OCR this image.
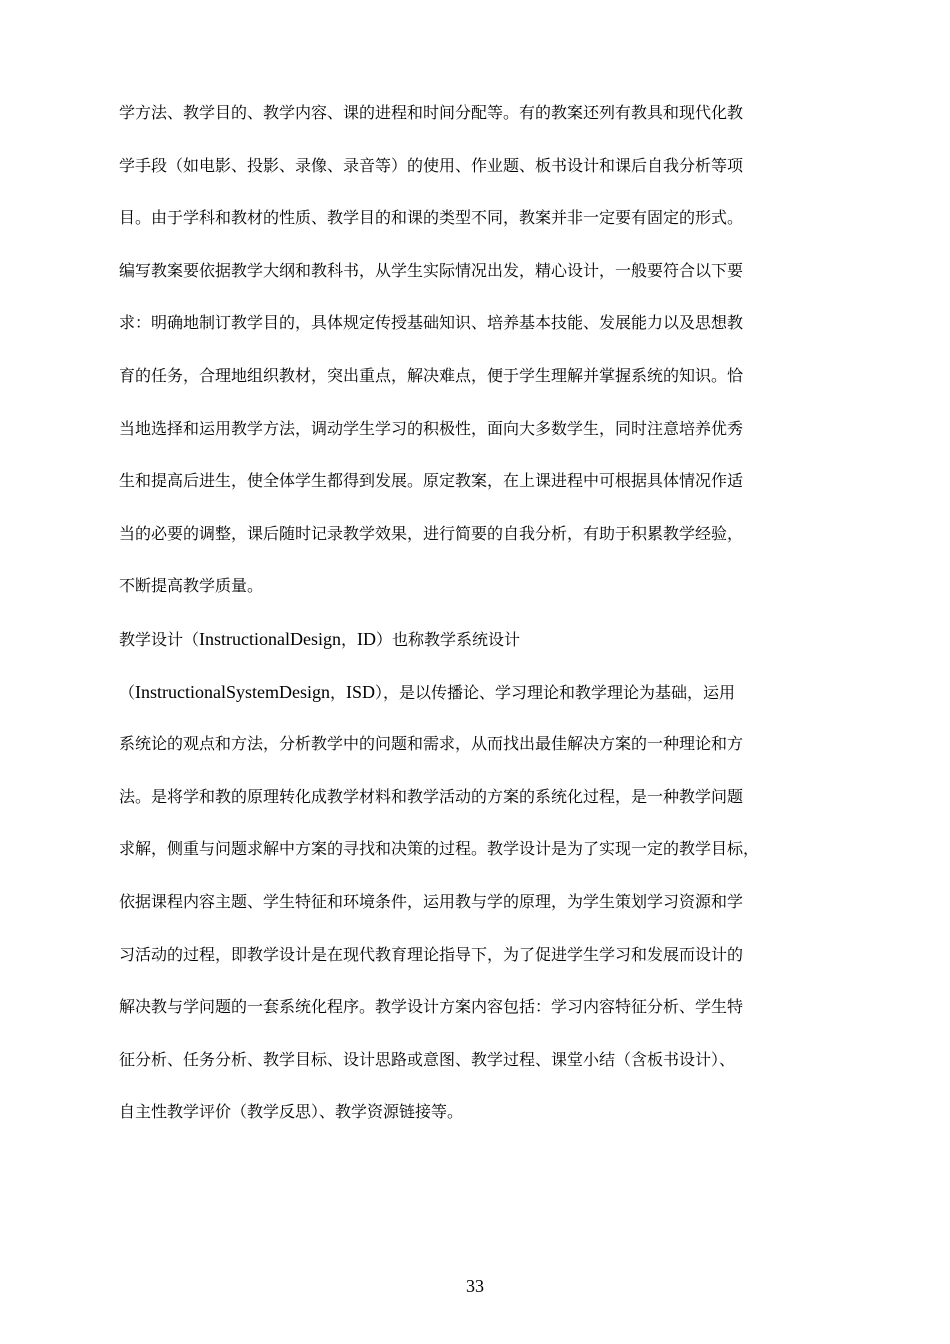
学方法、教学目的、教学内容、课的进程和时间分配等。有的教案还列有教具和现代化教
学手段（如电影、投影、录像、录音等）的使用、作业题、板书设计和课后自我分析等项
目。由于学科和教材的性质、教学目的和课的类型不同，教案并非一定要有固定的形式。
编写教案要依据教学大纲和教科书，从学生实际情况出发，精心设计，一般要符合以下要
求：明确地制订教学目的，具体规定传授基础知识、培养基本技能、发展能力以及思想教
育的任务，合理地组织教材，突出重点，解决难点，便于学生理解并掌握系统的知识。恰
当地选择和运用教学方法，调动学生学习的积极性，面向大多数学生，同时注意培养优秀
生和提高后进生，使全体学生都得到发展。原定教案，在上课进程中可根据具体情况作适
当的必要的调整，课后随时记录教学效果，进行简要的自我分析，有助于积累教学经验，
不断提高教学质量。
教学设计（InstructionalDesign，ID）也称教学系统设计
（InstructionalSystemDesign，ISD），是以传播论、学习理论和教学理论为基础，运用
系统论的观点和方法，分析教学中的问题和需求，从而找出最佳解决方案的一种理论和方
法。是将学和教的原理转化成教学材料和教学活动的方案的系统化过程，是一种教学问题
求解，侧重与问题求解中方案的寻找和决策的过程。教学设计是为了实现一定的教学目标，
依据课程内容主题、学生特征和环境条件，运用教与学的原理，为学生策划学习资源和学
习活动的过程，即教学设计是在现代教育理论指导下，为了促进学生学习和发展而设计的
解决教与学问题的一套系统化程序。教学设计方案内容包括：学习内容特征分析、学生特
征分析、任务分析、教学目标、设计思路或意图、教学过程、课堂小结（含板书设计）、
自主性教学评价（教学反思）、教学资源链接等。
33
